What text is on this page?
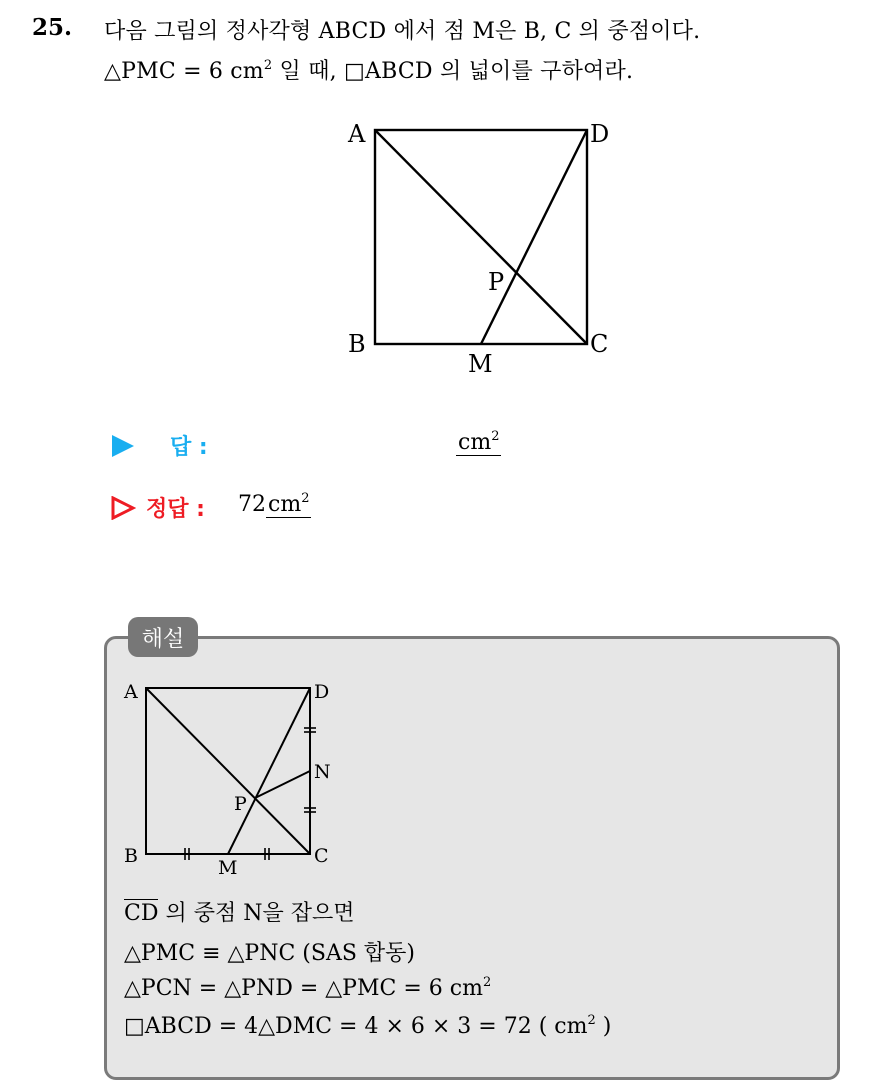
25. 다음 그림의 정사각형 ABCD 에서 점 M은 B, C 의 중점이다.
△PMC = 6 $cm^2$ 일 때, □ABCD 의 넓이를 구하여라.
A	D
B	C
M
P
답 :	$cm^2$
정답 : $72cm^2$
해설
A	D
B	C
M
P
N
CD 의 중점 N을 잡으면
△PMC ≡ △PNC (SAS 합동)
△PCN = △PND = △PMC = 6 $cm^2$
□ABCD = 4△DMC = 4 × 6 × 3 = 72 ( $cm^2$ )
